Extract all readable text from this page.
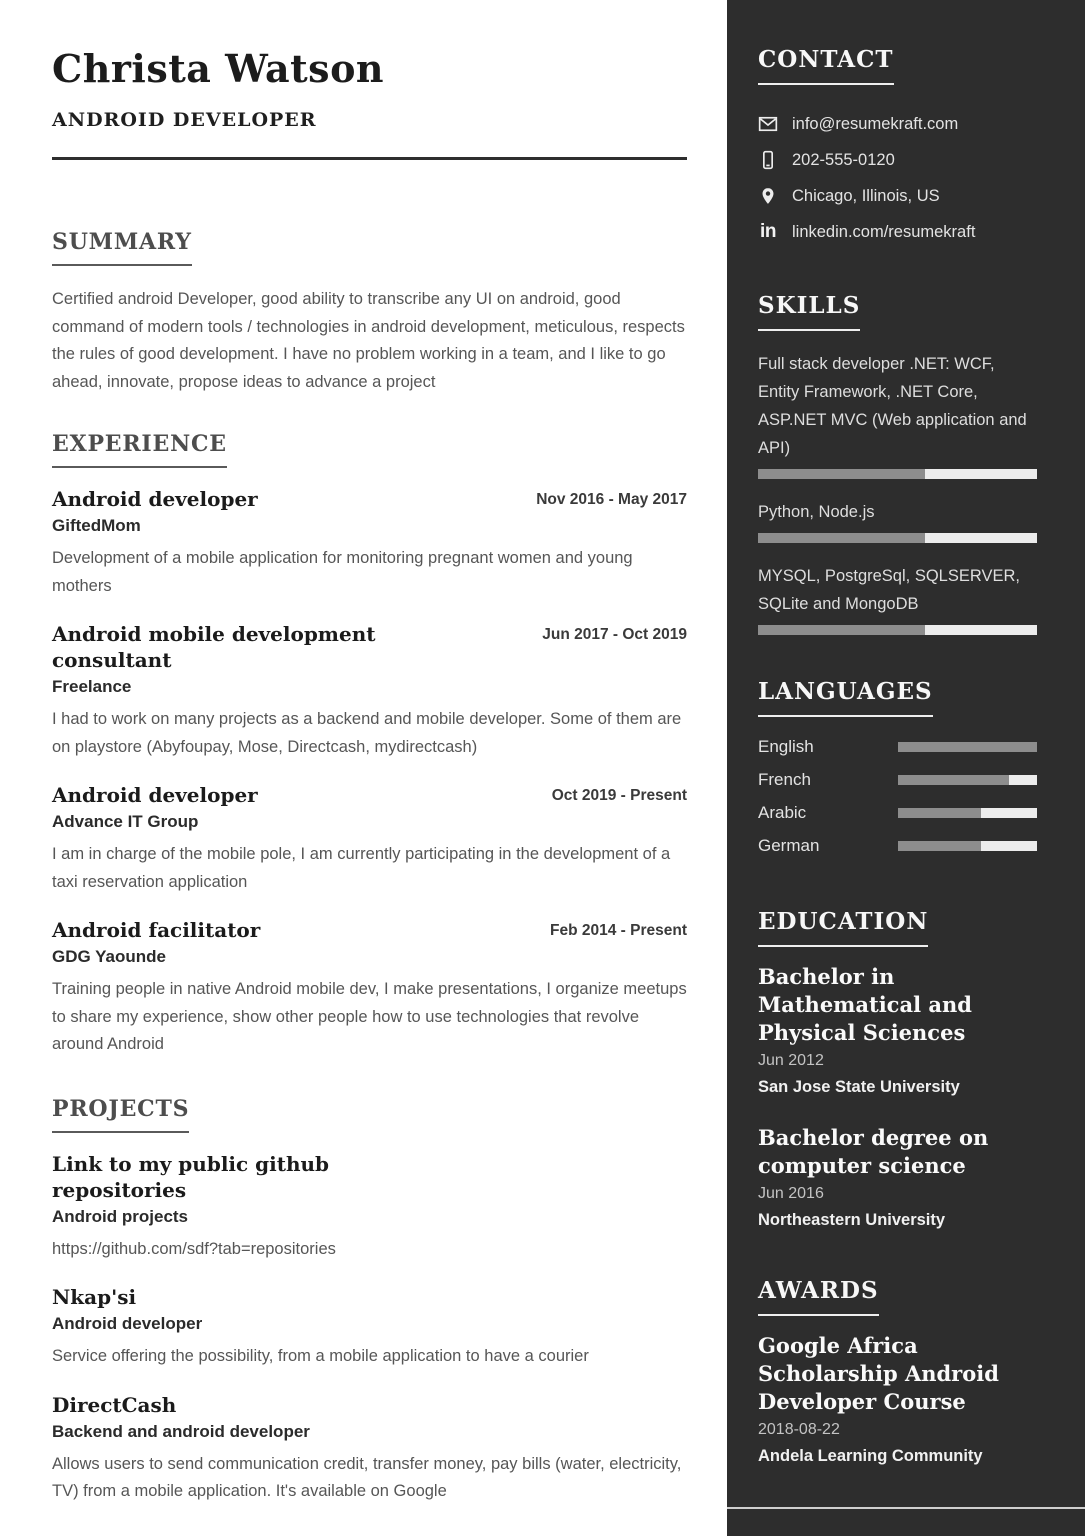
Christa Watson
ANDROID DEVELOPER
SUMMARY

Certified android Developer, good ability to transcribe any UI on android, good command of modern tools / technologies in android development, meticulous, respects the rules of good development. I have no problem working in a team, and I like to go ahead, innovate, propose ideas to advance a project

EXPERIENCE
Android developer	Nov 2016 - May 2017
GiftedMom
Development of a mobile application for monitoring pregnant women and young mothers
Android mobile development consultant
Jun 2017 - Oct 2019
Freelance
I had to work on many projects as a backend and mobile developer. Some of them are on playstore (Abyfoupay, Mose, Directcash, mydirectcash)
Android developer	Oct 2019 - Present
Advance IT Group
I am in charge of the mobile pole, I am currently participating in the development of a taxi reservation application
Android facilitator	Feb 2014 - Present
GDG Yaounde
Training people in native Android mobile dev, I make presentations, I organize meetups to share my experience, show other people how to use technologies that revolve around Android
PROJECTS
Link to my public github repositories
Android projects
https://github.com/sdf?tab=repositories
Nkap'si
Android developer
Service offering the possibility, from a mobile application to have a courier
DirectCash
Backend and android developer
Allows users to send communication credit, transfer money, pay bills (water, electricity, TV) from a mobile application. It's available on Google
CONTACT
info@resumekraft.com
202-555-0120
Chicago, Illinois, US
in linkedin.com/resumekraft
SKILLS
Full stack developer .NET: WCF, Entity Framework, .NET Core, ASP.NET MVC (Web application and API)
Python, Node.js
MYSQL, PostgreSql, SQLSERVER, SQLite and MongoDB
LANGUAGES
English
French
Arabic
German
EDUCATION
Bachelor in Mathematical and Physical Sciences
Jun 2012
San Jose State University
Bachelor degree on computer science
Jun 2016
Northeastern University
AWARDS
Google Africa Scholarship Android Developer Course
2018-08-22
Andela Learning Community
